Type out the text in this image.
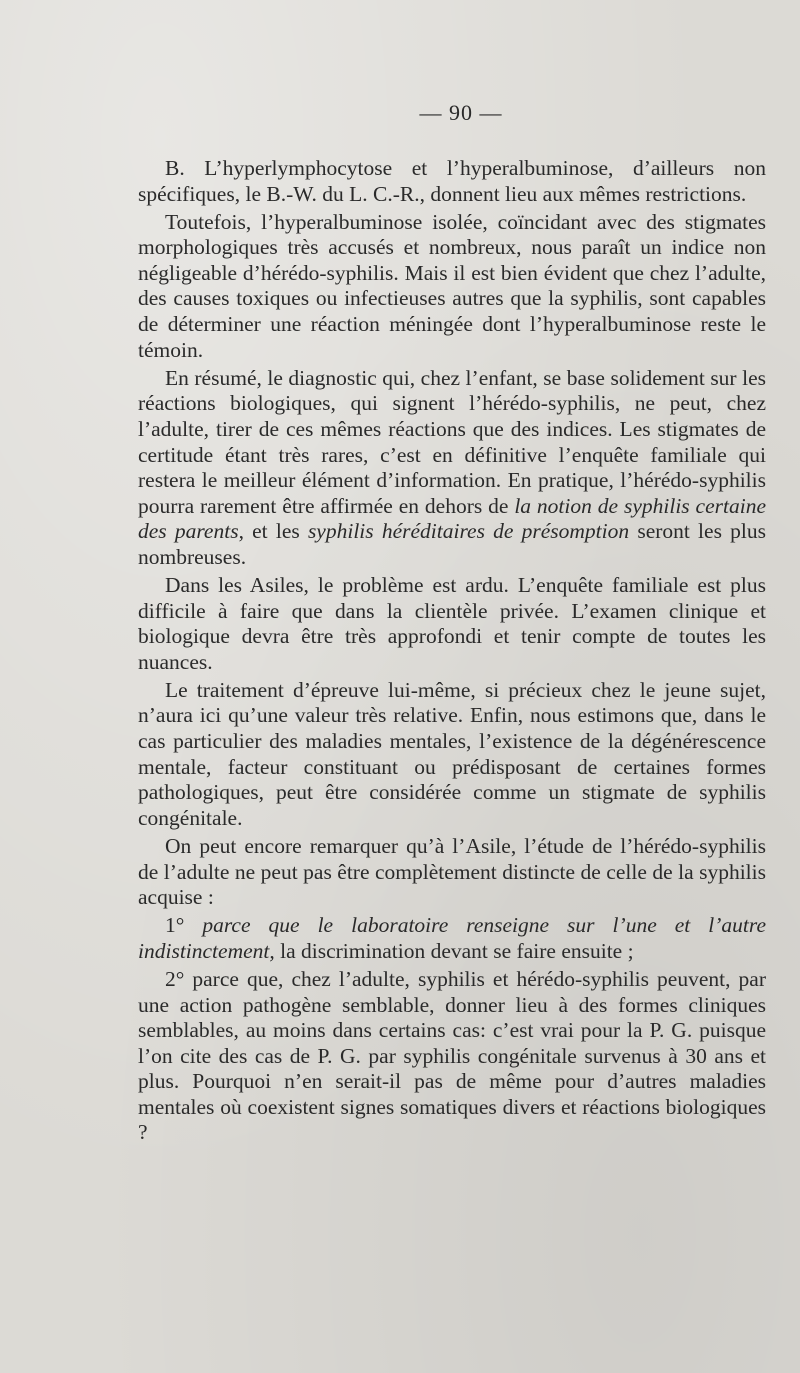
— 90 —

B. L’hyperlymphocytose et l’hyperalbuminose, d’ailleurs non spécifiques, le B.-W. du L. C.-R., donnent lieu aux mêmes restrictions.

Toutefois, l’hyperalbuminose isolée, coïncidant avec des stigmates morphologiques très accusés et nombreux, nous paraît un indice non négligeable d’hérédo-syphilis. Mais il est bien évident que chez l’adulte, des causes toxiques ou infectieuses autres que la syphilis, sont capables de déterminer une réaction méningée dont l’hyperalbuminose reste le témoin.

En résumé, le diagnostic qui, chez l’enfant, se base solidement sur les réactions biologiques, qui signent l’hérédo-syphilis, ne peut, chez l’adulte, tirer de ces mêmes réactions que des indices. Les stigmates de certitude étant très rares, c’est en définitive l’enquête familiale qui restera le meilleur élément d’information. En pratique, l’hérédo-syphilis pourra rarement être affirmée en dehors de la notion de syphilis certaine des parents, et les syphilis héréditaires de présomption seront les plus nombreuses.

Dans les Asiles, le problème est ardu. L’enquête familiale est plus difficile à faire que dans la clientèle privée. L’examen clinique et biologique devra être très approfondi et tenir compte de toutes les nuances.

Le traitement d’épreuve lui-même, si précieux chez le jeune sujet, n’aura ici qu’une valeur très relative. Enfin, nous estimons que, dans le cas particulier des maladies mentales, l’existence de la dégénérescence mentale, facteur constituant ou prédisposant de certaines formes pathologiques, peut être considérée comme un stigmate de syphilis congénitale.

On peut encore remarquer qu’à l’Asile, l’étude de l’hérédo-syphilis de l’adulte ne peut pas être complètement distincte de celle de la syphilis acquise :

1° parce que le laboratoire renseigne sur l’une et l’autre indistinctement, la discrimination devant se faire ensuite ;

2° parce que, chez l’adulte, syphilis et hérédo-syphilis peuvent, par une action pathogène semblable, donner lieu à des formes cliniques semblables, au moins dans certains cas: c’est vrai pour la P. G. puisque l’on cite des cas de P. G. par syphilis congénitale survenus à 30 ans et plus. Pourquoi n’en serait-il pas de même pour d’autres maladies mentales où coexistent signes somatiques divers et réactions biologiques ?
